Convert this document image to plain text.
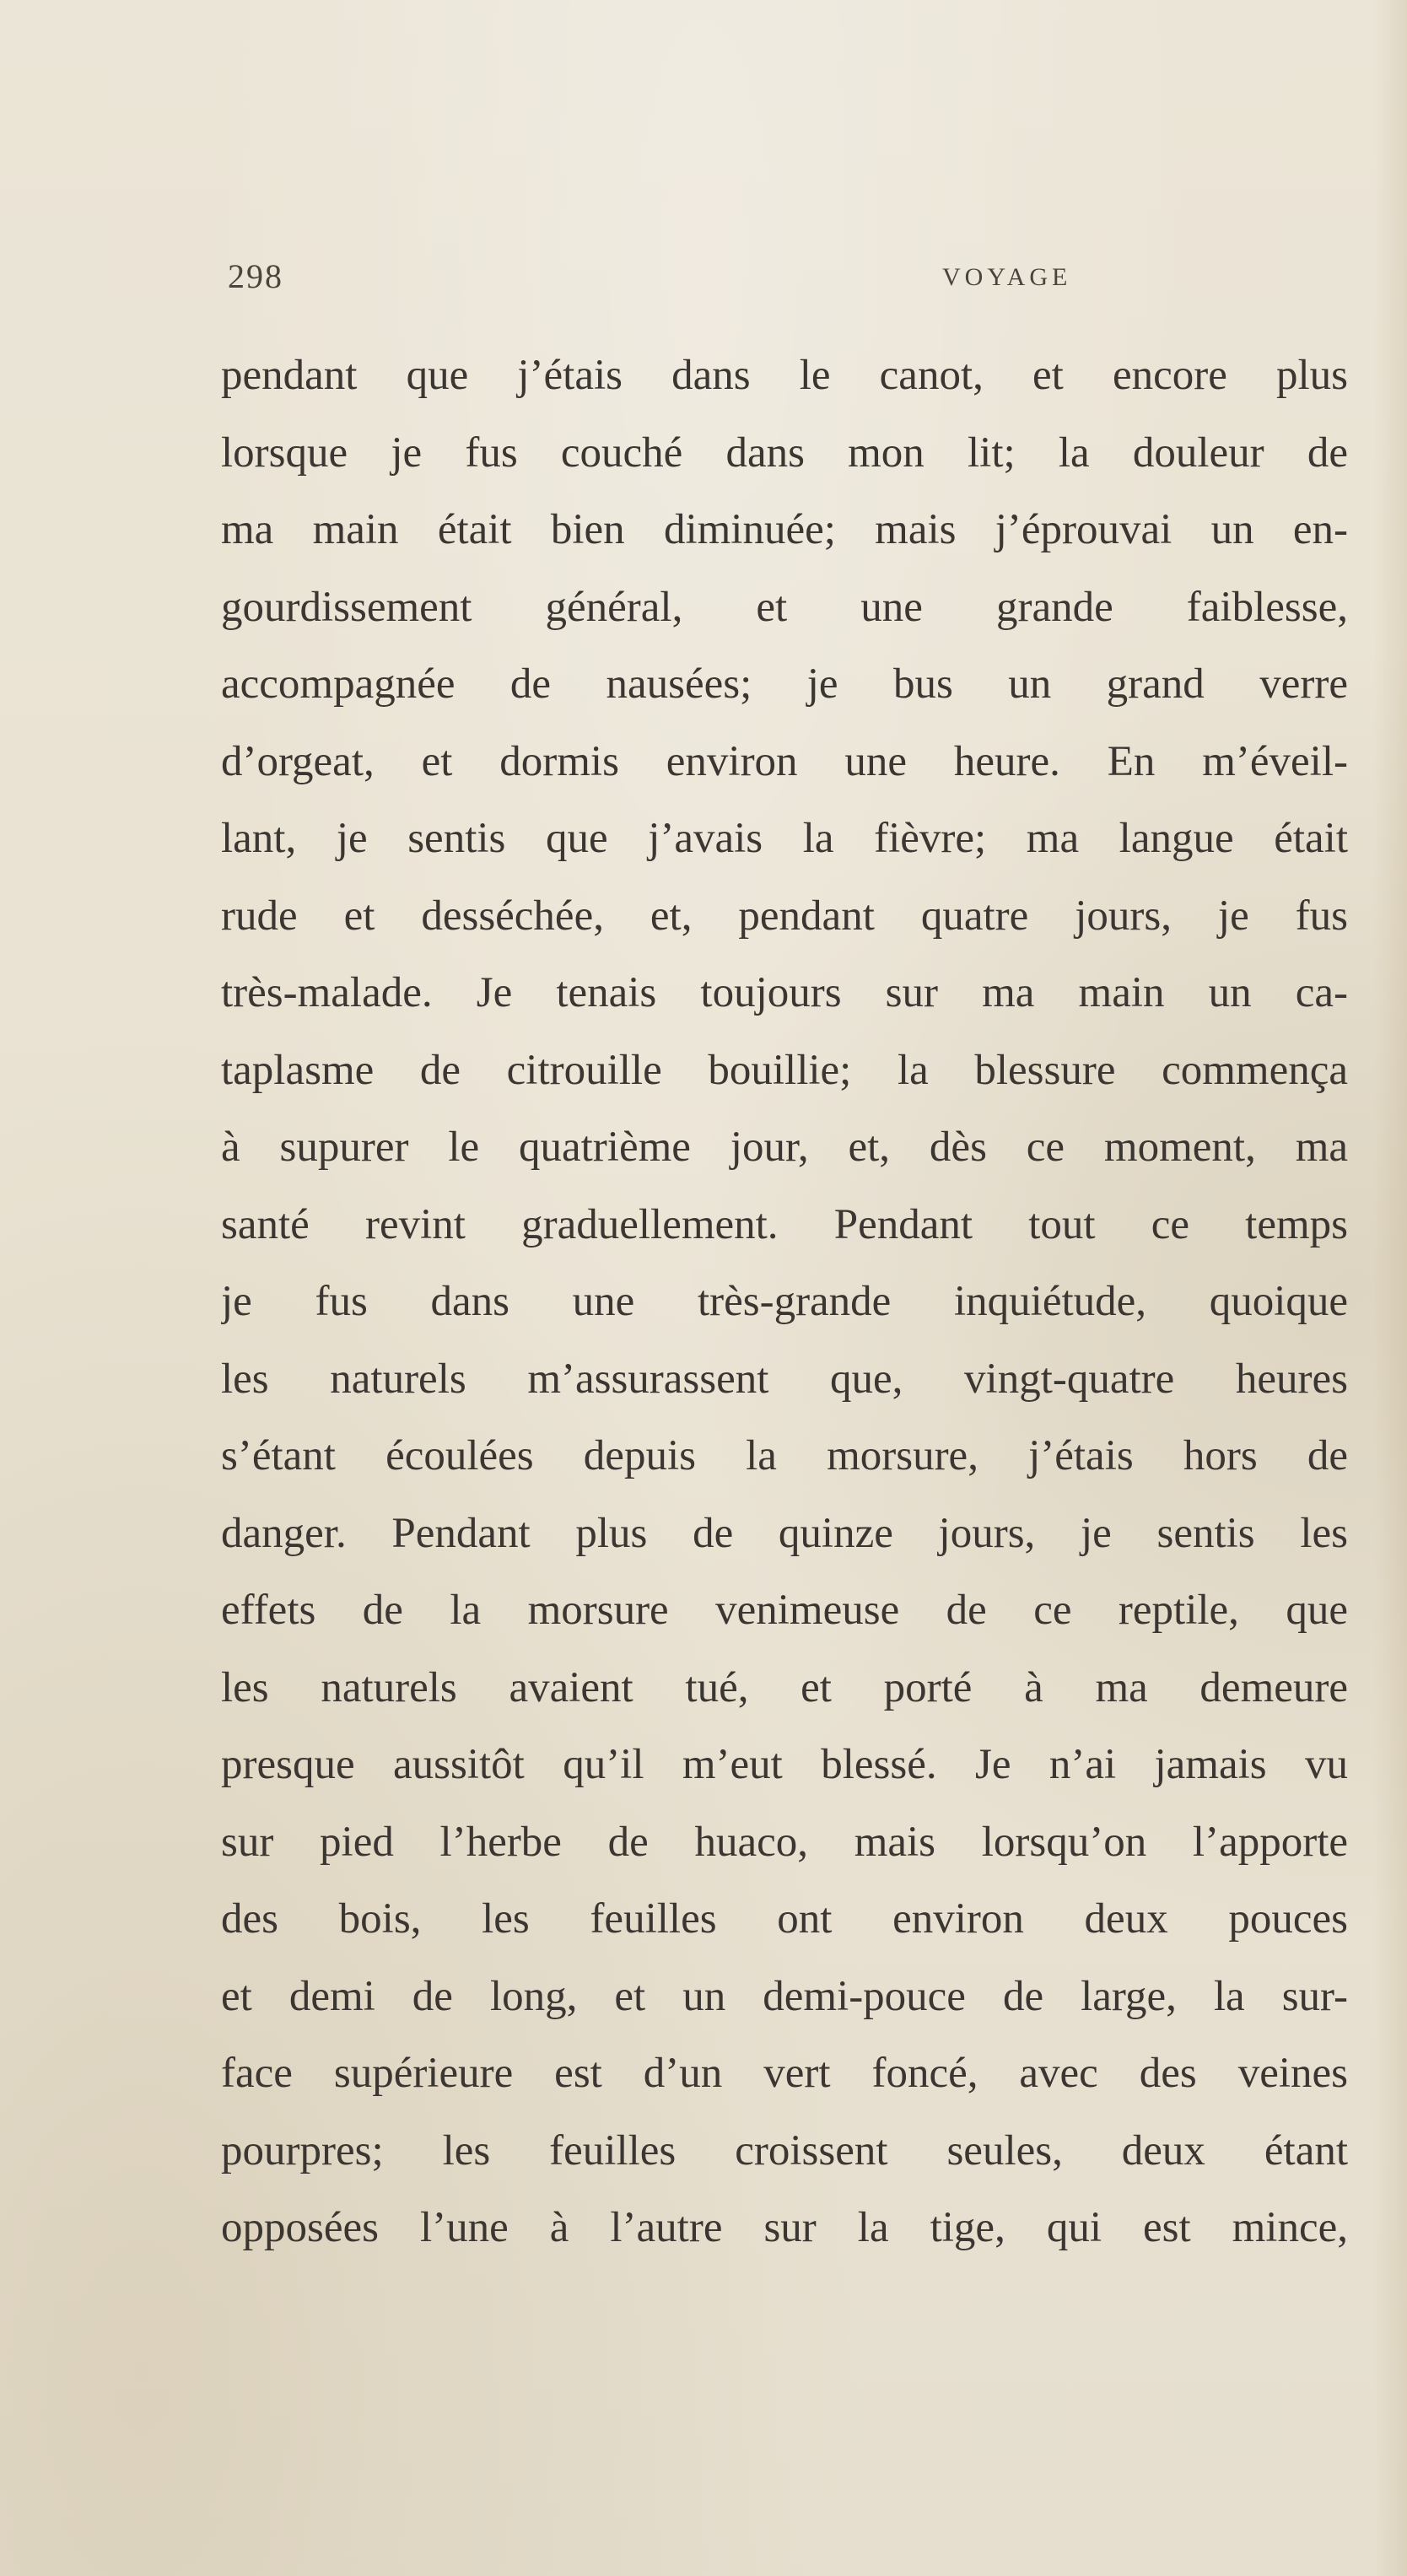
298	VOYAGE
pendant que j’étais dans le canot, et encore plus
lorsque je fus couché dans mon lit; la douleur de
ma main était bien diminuée; mais j’éprouvai un en-
gourdissement général, et une grande faiblesse,
accompagnée de nausées; je bus un grand verre
d’orgeat, et dormis environ une heure. En m’éveil-
lant, je sentis que j’avais la fièvre; ma langue était
rude et desséchée, et, pendant quatre jours, je fus
très-malade. Je tenais toujours sur ma main un ca-
taplasme de citrouille bouillie; la blessure commença
à supurer le quatrième jour, et, dès ce moment, ma
santé revint graduellement. Pendant tout ce temps
je fus dans une très-grande inquiétude, quoique
les naturels m’assurassent que, vingt-quatre heures
s’étant écoulées depuis la morsure, j’étais hors de
danger. Pendant plus de quinze jours, je sentis les
effets de la morsure venimeuse de ce reptile, que
les naturels avaient tué, et porté à ma demeure
presque aussitôt qu’il m’eut blessé. Je n’ai jamais vu
sur pied l’herbe de huaco, mais lorsqu’on l’apporte
des bois, les feuilles ont environ deux pouces
et demi de long, et un demi-pouce de large, la sur-
face supérieure est d’un vert foncé, avec des veines
pourpres; les feuilles croissent seules, deux étant
opposées l’une à l’autre sur la tige, qui est mince,
